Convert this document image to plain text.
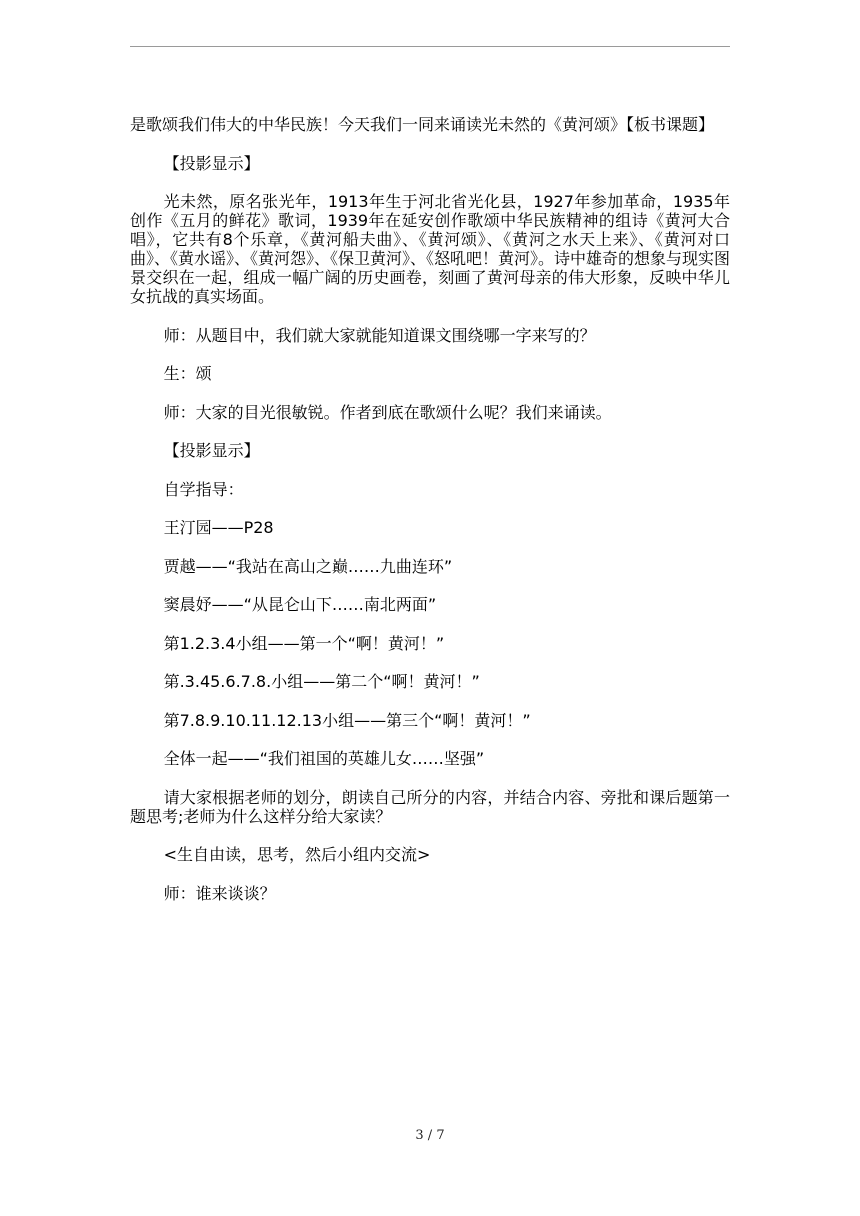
是歌颂我们伟大的中华民族！今天我们一同来诵读光未然的《黄河颂》【板书课题】

【投影显示】

光未然，原名张光年，1913年生于河北省光化县，1927年参加革命，1935年创作《五月的鲜花》歌词，1939年在延安创作歌颂中华民族精神的组诗《黄河大合唱》，它共有8个乐章，《黄河船夫曲》、《黄河颂》、《黄河之水天上来》、《黄河对口曲》、《黄水谣》、《黄河怨》、《保卫黄河》、《怒吼吧！黄河》。诗中雄奇的想象与现实图景交织在一起，组成一幅广阔的历史画卷，刻画了黄河母亲的伟大形象，反映中华儿女抗战的真实场面。

师：从题目中，我们就大家就能知道课文围绕哪一字来写的？

生：颂

师：大家的目光很敏锐。作者到底在歌颂什么呢？我们来诵读。

【投影显示】

自学指导：

王汀园——P28

贾越——“我站在高山之巅……九曲连环”

窦晨妤——“从昆仑山下……南北两面”

第1.2.3.4小组——第一个“啊！黄河！”

第.3.45.6.7.8.小组——第二个“啊！黄河！”

第7.8.9.10.11.12.13小组——第三个“啊！黄河！”

全体一起——“我们祖国的英雄儿女……坚强”

请大家根据老师的划分，朗读自己所分的内容，并结合内容、旁批和课后题第一题思考;老师为什么这样分给大家读？

<生自由读，思考，然后小组内交流>

师：谁来谈谈？

3 / 7
